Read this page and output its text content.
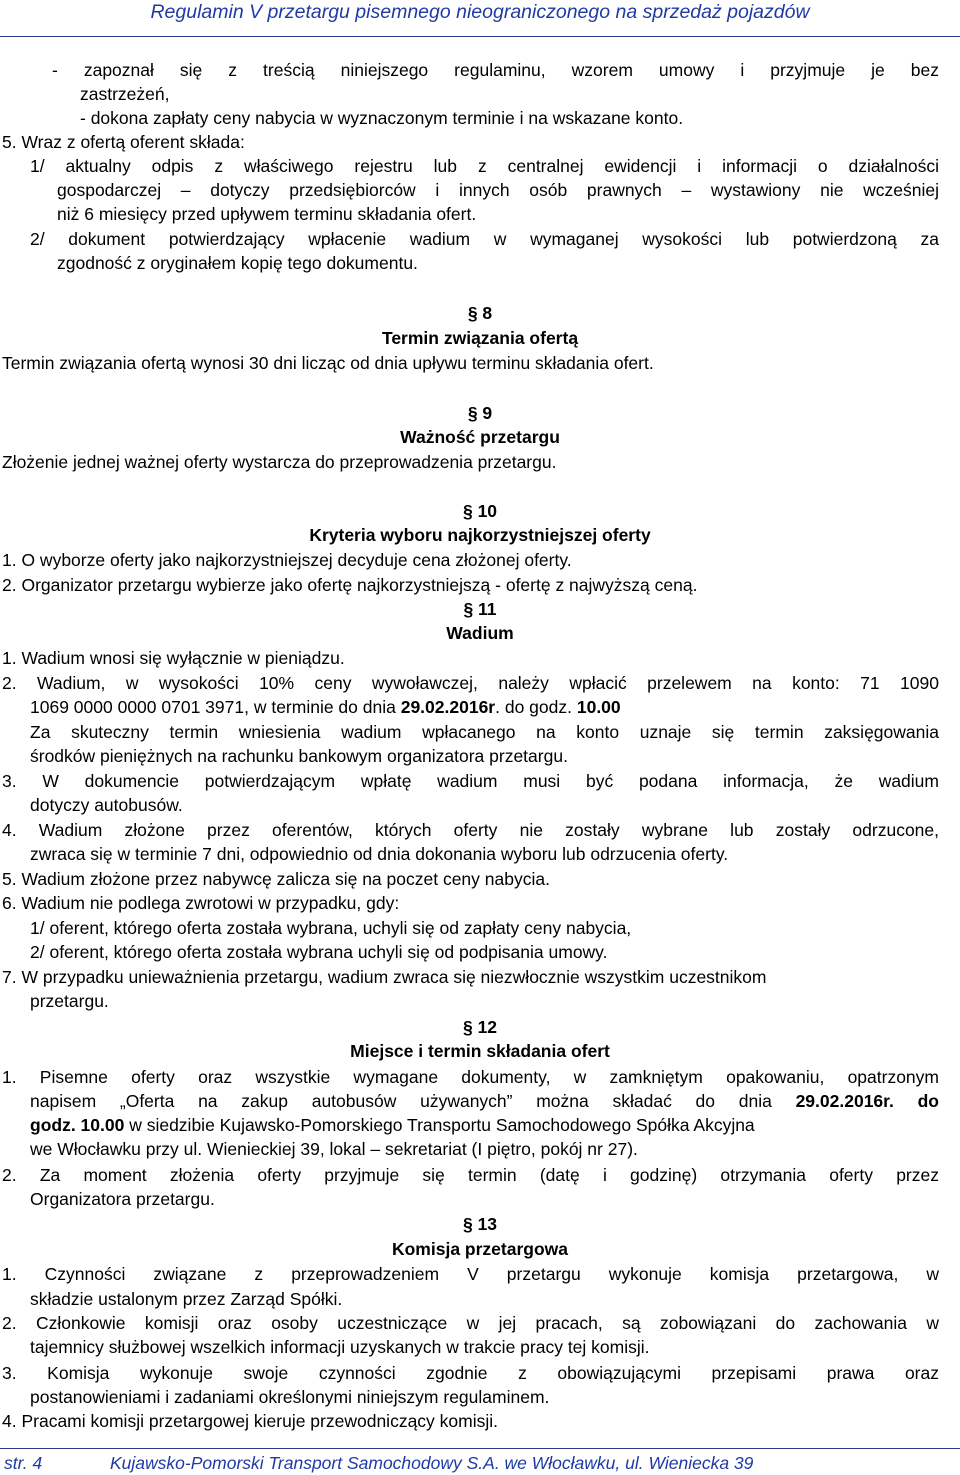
Regulamin V przetargu pisemnego nieograniczonego na sprzedaż pojazdów
- zapoznał się z treścią niniejszego regulaminu, wzorem umowy i przyjmuje je bez
zastrzeżeń,
- dokona zapłaty ceny nabycia w wyznaczonym terminie i na wskazane konto.
5. Wraz z ofertą oferent składa:
1/ aktualny odpis z właściwego rejestru lub z centralnej ewidencji i informacji o działalności
gospodarczej – dotyczy przedsiębiorców i innych osób prawnych – wystawiony nie wcześniej
niż 6 miesięcy przed upływem terminu składania ofert.
2/ dokument potwierdzający wpłacenie wadium w wymaganej wysokości lub potwierdzoną za
zgodność z oryginałem kopię tego dokumentu.
§ 8
Termin związania ofertą
Termin związania ofertą wynosi 30 dni licząc od dnia upływu terminu składania ofert.
§ 9
Ważność przetargu
Złożenie jednej ważnej oferty wystarcza do przeprowadzenia przetargu.
§ 10
Kryteria wyboru najkorzystniejszej oferty
1. O wyborze oferty jako najkorzystniejszej decyduje cena złożonej oferty.
2. Organizator przetargu wybierze jako ofertę najkorzystniejszą - ofertę z najwyższą ceną.
§ 11
Wadium
1. Wadium wnosi się wyłącznie w pieniądzu.
2. Wadium, w wysokości 10% ceny wywoławczej, należy wpłacić przelewem na konto: 71 1090
1069 0000 0000 0701 3971, w terminie do dnia 29.02.2016r. do godz. 10.00
Za skuteczny termin wniesienia wadium wpłacanego na konto uznaje się termin zaksięgowania
środków pieniężnych na rachunku bankowym organizatora przetargu.
3. W dokumencie potwierdzającym wpłatę wadium musi być podana informacja, że wadium
dotyczy autobusów.
4. Wadium złożone przez oferentów, których oferty nie zostały wybrane lub zostały odrzucone,
zwraca się w terminie 7 dni, odpowiednio od dnia dokonania wyboru lub odrzucenia oferty.
5. Wadium złożone przez nabywcę zalicza się na poczet ceny nabycia.
6. Wadium nie podlega zwrotowi w przypadku, gdy:
1/ oferent, którego oferta została wybrana, uchyli się od zapłaty ceny nabycia,
2/ oferent, którego oferta została wybrana uchyli się od podpisania umowy.
7. W przypadku unieważnienia przetargu, wadium zwraca się niezwłocznie wszystkim uczestnikom
przetargu.
§ 12
Miejsce i termin składania ofert
1. Pisemne oferty oraz wszystkie wymagane dokumenty, w zamkniętym opakowaniu, opatrzonym
napisem „Oferta na zakup autobusów używanych” można składać do dnia 29.02.2016r. do
godz. 10.00 w siedzibie Kujawsko-Pomorskiego Transportu Samochodowego Spółka Akcyjna
we Włocławku przy ul. Wienieckiej 39, lokal – sekretariat (I piętro, pokój nr 27).
2. Za moment złożenia oferty przyjmuje się termin (datę i godzinę) otrzymania oferty przez
Organizatora przetargu.
§ 13
Komisja przetargowa
1. Czynności związane z przeprowadzeniem V przetargu wykonuje komisja przetargowa, w
składzie ustalonym przez Zarząd Spółki.
2. Członkowie komisji oraz osoby uczestniczące w jej pracach, są zobowiązani do zachowania w
tajemnicy służbowej wszelkich informacji uzyskanych w trakcie pracy tej komisji.
3. Komisja wykonuje swoje czynności zgodnie z obowiązującymi przepisami prawa oraz
postanowieniami i zadaniami określonymi niniejszym regulaminem.
4. Pracami komisji przetargowej kieruje przewodniczący komisji.
str. 4	Kujawsko-Pomorski Transport Samochodowy S.A. we Włocławku, ul. Wieniecka 39
